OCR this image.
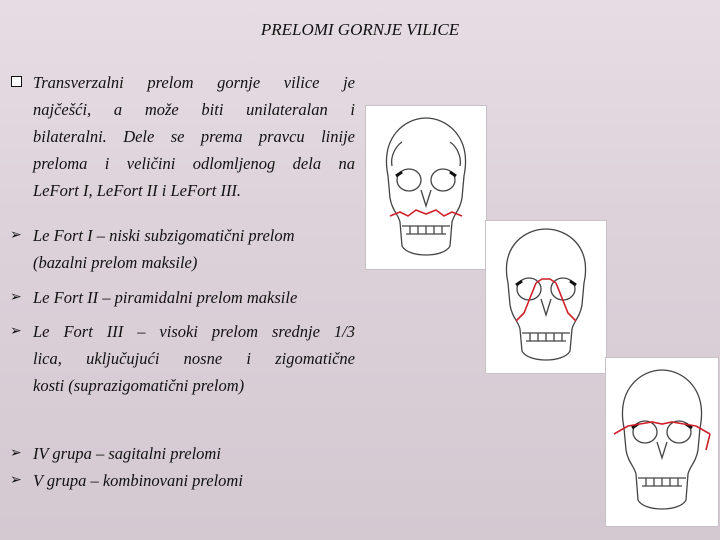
PRELOMI GORNJE VILICE
Transverzalni prelom gornje vilice je
najčešći, a može biti unilateralan i
bilateralni. Dele se prema pravcu linije
preloma i veličini odlomljenog dela na
LeFort I, LeFort II i LeFort III.
➢ Le Fort I – niski subzigomatični prelom
(bazalni prelom maksile)
➢ Le Fort II – piramidalni prelom maksile
➢ Le Fort III – visoki prelom srednje 1/3
lica, uključujući nosne i zigomatične
kosti (suprazigomatični prelom)
➢ IV grupa – sagitalni prelomi
➢ V grupa – kombinovani prelomi
